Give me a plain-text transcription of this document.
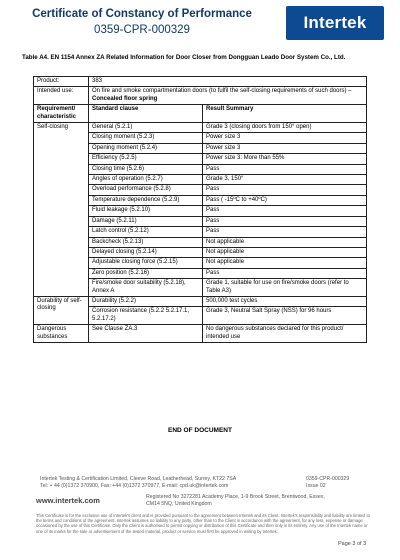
Certificate of Constancy of Performance
0359-CPR-000329	Intertek
Table A4. EN 1154 Annex ZA Related Information for Door Closer from Dongguan Leado Door System Co., Ltd.
Product:	383	
Intended use:	On fire and smoke compartmentation doors (to fulfil the self-closing requirements of such doors) – Concealed floor spring	
Requirement/ characteristic	Standard clause	Result Summary
Self-closing	General (5.2.1)	Grade 3 (closing doors from 150° open)
	Closing moment (5.2.3)	Power size 3
	Opening moment (5.2.4)	Power size 3
	Efficiency (5.2.5)	Power size 3: More than 55%
	Closing time (5.2.6)	Pass
	Angles of operation (5.2.7)	Grade 3, 150°
	Overload performance (5.2.8)	Pass
	Temperature dependence (5.2.9)	Pass ( -15ºC to +40ºC)
	Fluid leakage (5.2.10)	Pass
	Damage (5.2.11)	Pass
	Latch control (5.2.12)	Pass
	Backcheck (5.2.13)	Not applicable
	Delayed closing (5.2.14)	Not applicable
	Adjustable closing force (5.2.15)	Not applicable
	Zero position (5.2.16)	Pass
	Fire/smoke door suitability (5.2.18), Annex A	Grade 1, suitable for use on fire/smoke doors (refer to Table A3)
Durability of self-closing	Durability (5.2.2)	500,000 test cycles
	Corrosion resistance (5.2.2 5.2.17.1, 5.2.17.2)	Grade 3, Neutral Salt Spray (NSS) for 96 hours
Dangerous substances	See Clause ZA.3	No dangerous substances declared for this product/ intended use
END OF DOCUMENT
Intertek Testing & Certification Limited, Cleeve Road, Leatherhead, Surrey, KT22 7SA
Tel: + 44 (0)1372 370900, Fax: +44 (0)1372 370977, E-mail: cpd.uk@intertek.com
0359-CPR-000329
Issue 02
www.intertek.com	Registered No 3272281 Academy Place, 1-9 Brook Street, Brentwood, Essex,
CM14 5NQ, United Kingdom
This Certificate is for the exclusive use of Intertek's client and is provided pursuant to the agreement between Intertek and its Client. Intertek's responsibility and liability are limited to the terms and conditions of the agreement. Intertek assumes no liability to any party, other than to the Client in accordance with the agreement, for any loss, expense or damage occasioned by the use of this Certificate. Only the Client is authorised to permit copying or distribution of this Certificate and then only in its entirety. Any use of the Intertek name or one of its marks for the sale or advertisement of the tested material, product or service must first be approved in writing by Intertek.
Page 3 of 3
